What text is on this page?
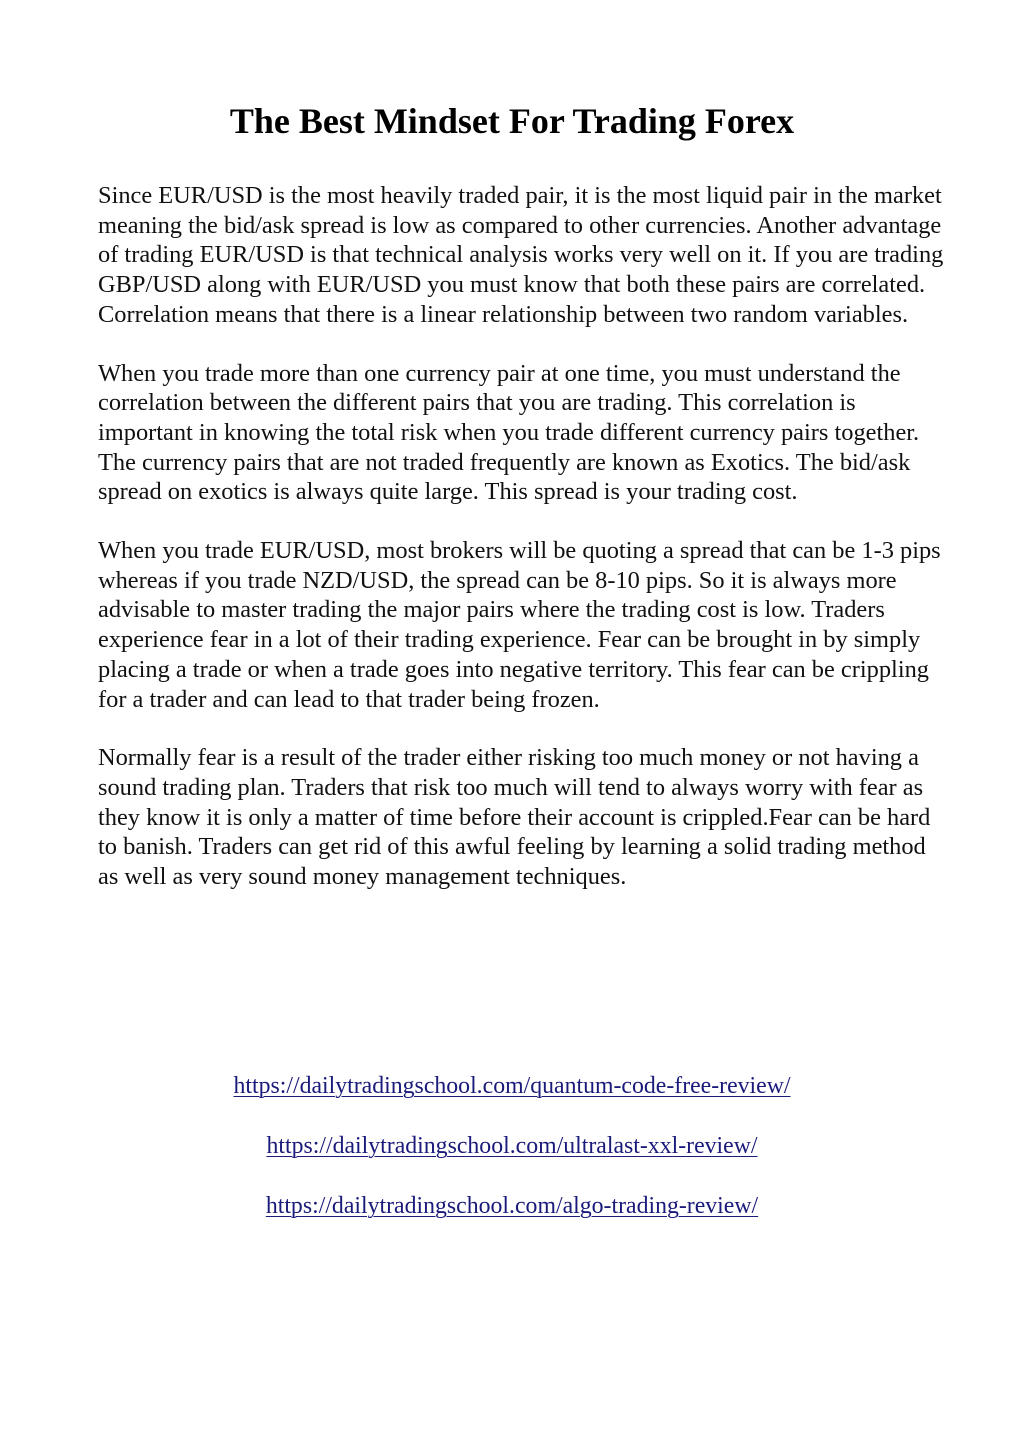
The Best Mindset For Trading Forex

Since EUR/USD is the most heavily traded pair, it is the most liquid pair in the market meaning the bid/ask spread is low as compared to other currencies. Another advantage of trading EUR/USD is that technical analysis works very well on it. If you are trading GBP/USD along with EUR/USD you must know that both these pairs are correlated. Correlation means that there is a linear relationship between two random variables.

When you trade more than one currency pair at one time, you must understand the correlation between the different pairs that you are trading. This correlation is important in knowing the total risk when you trade different currency pairs together. The currency pairs that are not traded frequently are known as Exotics. The bid/ask spread on exotics is always quite large. This spread is your trading cost.

When you trade EUR/USD, most brokers will be quoting a spread that can be 1-3 pips whereas if you trade NZD/USD, the spread can be 8-10 pips. So it is always more advisable to master trading the major pairs where the trading cost is low. Traders experience fear in a lot of their trading experience. Fear can be brought in by simply placing a trade or when a trade goes into negative territory. This fear can be crippling for a trader and can lead to that trader being frozen.

Normally fear is a result of the trader either risking too much money or not having a sound trading plan. Traders that risk too much will tend to always worry with fear as they know it is only a matter of time before their account is crippled.Fear can be hard to banish. Traders can get rid of this awful feeling by learning a solid trading method as well as very sound money management techniques.

https://dailytradingschool.com/quantum-code-free-review/
https://dailytradingschool.com/ultralast-xxl-review/
https://dailytradingschool.com/algo-trading-review/
